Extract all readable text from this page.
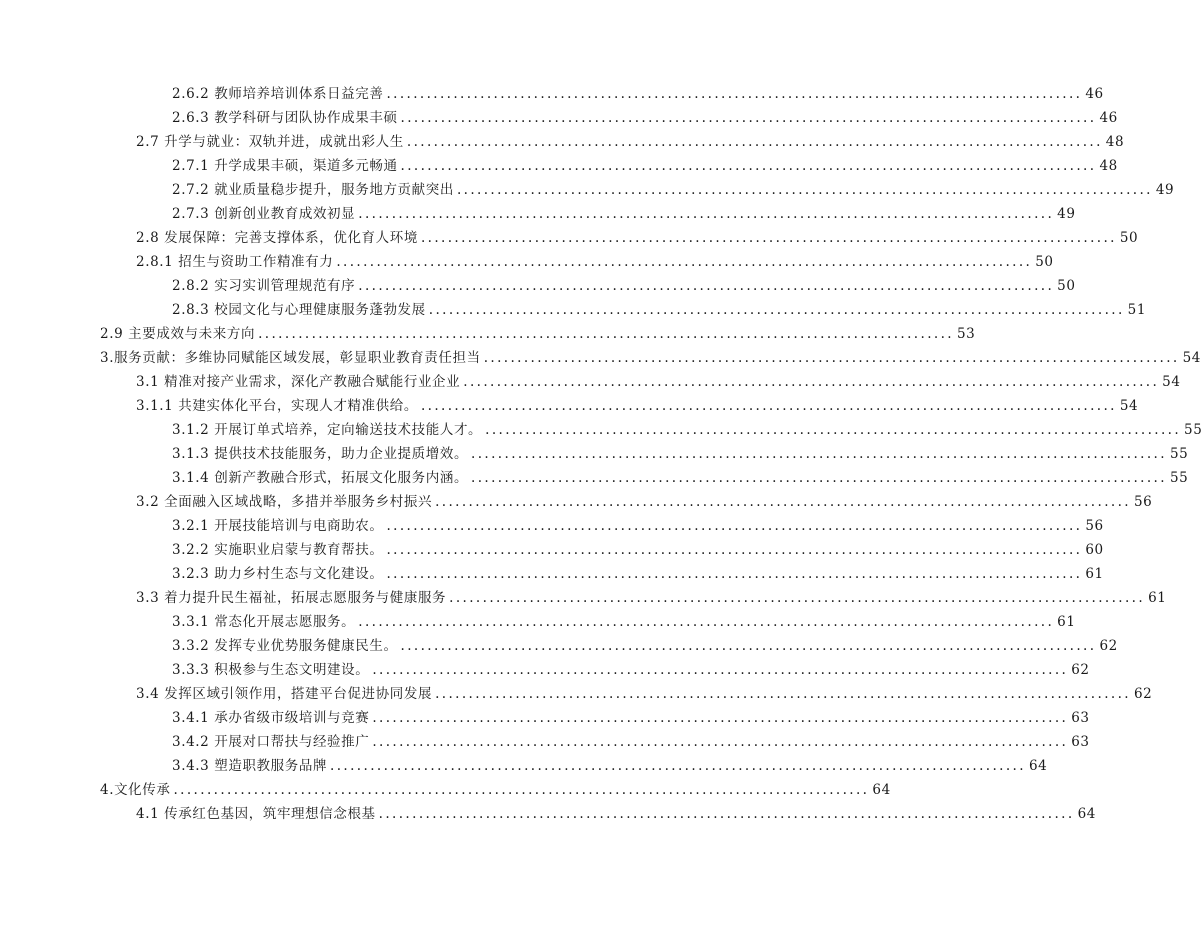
2.6.2 教师培养培训体系日益完善 ........................................................................................................ 46
2.6.3 教学科研与团队协作成果丰硕 ........................................................................................................ 46
2.7 升学与就业：双轨并进，成就出彩人生 ........................................................................................................ 48
2.7.1 升学成果丰硕，渠道多元畅通 ........................................................................................................ 48
2.7.2 就业质量稳步提升，服务地方贡献突出 ........................................................................................................ 49
2.7.3 创新创业教育成效初显 ........................................................................................................ 49
2.8 发展保障：完善支撑体系，优化育人环境 ........................................................................................................ 50
2.8.1 招生与资助工作精准有力 ........................................................................................................ 50
2.8.2 实习实训管理规范有序 ........................................................................................................ 50
2.8.3 校园文化与心理健康服务蓬勃发展 ........................................................................................................ 51
2.9 主要成效与未来方向 ........................................................................................................ 53
3.服务贡献：多维协同赋能区域发展，彰显职业教育责任担当 ........................................................................................................ 54
3.1 精准对接产业需求，深化产教融合赋能行业企业 ........................................................................................................ 54
3.1.1 共建实体化平台，实现人才精准供给。 ........................................................................................................ 54
3.1.2 开展订单式培养，定向输送技术技能人才。 ........................................................................................................ 55
3.1.3 提供技术技能服务，助力企业提质增效。 ........................................................................................................ 55
3.1.4 创新产教融合形式，拓展文化服务内涵。 ........................................................................................................ 55
3.2 全面融入区域战略，多措并举服务乡村振兴 ........................................................................................................ 56
3.2.1 开展技能培训与电商助农。 ........................................................................................................ 56
3.2.2 实施职业启蒙与教育帮扶。 ........................................................................................................ 60
3.2.3 助力乡村生态与文化建设。 ........................................................................................................ 61
3.3 着力提升民生福祉，拓展志愿服务与健康服务 ........................................................................................................ 61
3.3.1 常态化开展志愿服务。 ........................................................................................................ 61
3.3.2 发挥专业优势服务健康民生。 ........................................................................................................ 62
3.3.3 积极参与生态文明建设。 ........................................................................................................ 62
3.4 发挥区域引领作用，搭建平台促进协同发展 ........................................................................................................ 62
3.4.1 承办省级市级培训与竞赛 ........................................................................................................ 63
3.4.2 开展对口帮扶与经验推广 ........................................................................................................ 63
3.4.3 塑造职教服务品牌 ........................................................................................................ 64
4.文化传承 ........................................................................................................ 64
4.1 传承红色基因，筑牢理想信念根基 ........................................................................................................ 64
